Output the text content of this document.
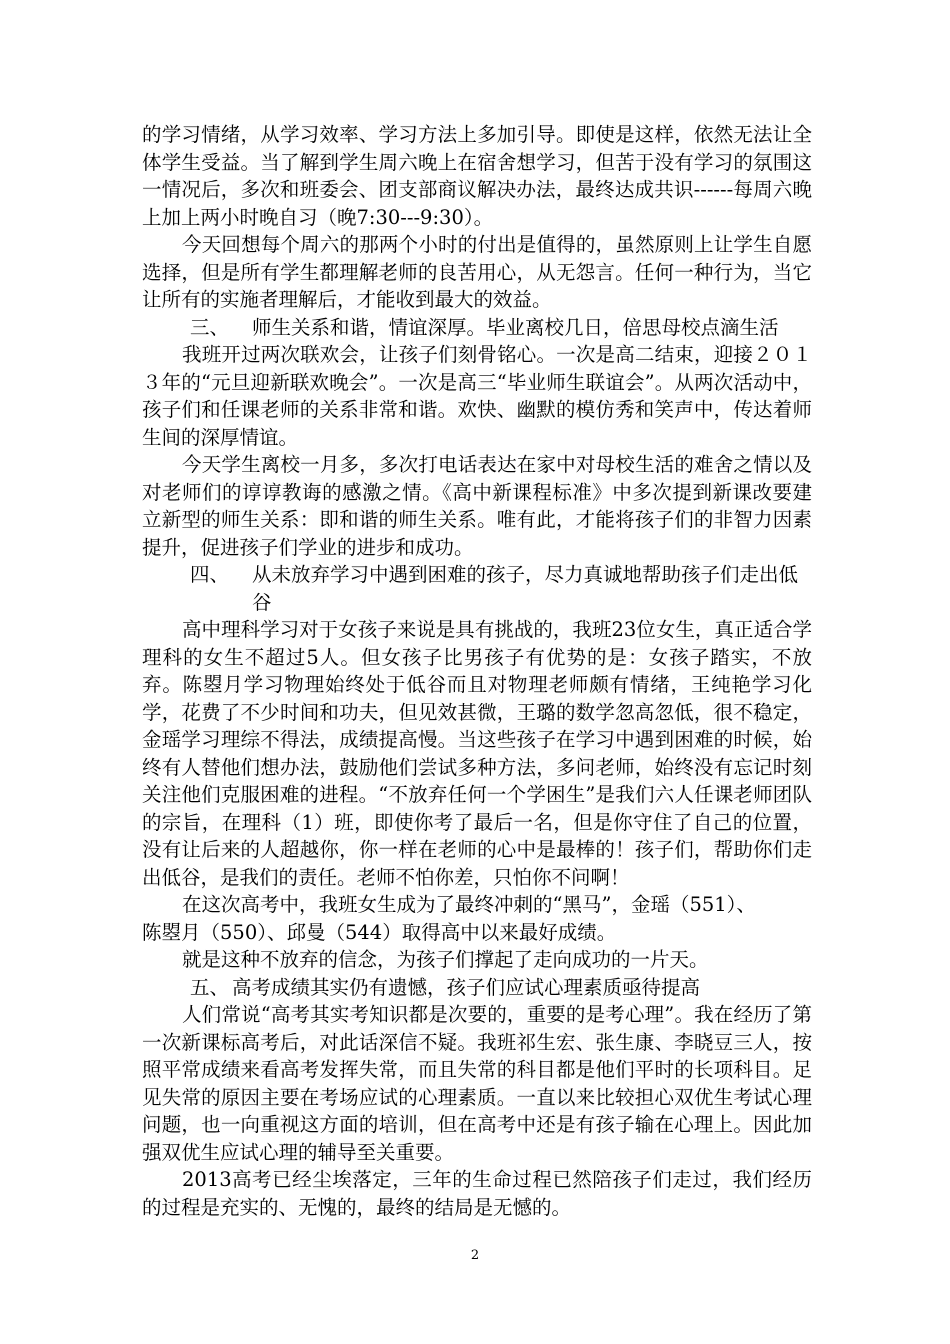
的学习情绪，从学习效率、学习方法上多加引导。即使是这样，依然无法让全体学生受益。当了解到学生周六晚上在宿舍想学习，但苦于没有学习的氛围这一情况后，多次和班委会、团支部商议解决办法，最终达成共识------每周六晚上加上两小时晚自习（晚7:30---9:30）。

今天回想每个周六的那两个小时的付出是值得的，虽然原则上让学生自愿选择，但是所有学生都理解老师的良苦用心，从无怨言。任何一种行为，当它让所有的实施者理解后，才能收到最大的效益。

三、 师生关系和谐，情谊深厚。毕业离校几日，倍思母校点滴生活

我班开过两次联欢会，让孩子们刻骨铭心。一次是高二结束，迎接２０１３年的“元旦迎新联欢晚会”。一次是高三“毕业师生联谊会”。从两次活动中，孩子们和任课老师的关系非常和谐。欢快、幽默的模仿秀和笑声中，传达着师生间的深厚情谊。

今天学生离校一月多，多次打电话表达在家中对母校生活的难舍之情以及对老师们的谆谆教诲的感激之情。《高中新课程标准》中多次提到新课改要建立新型的师生关系：即和谐的师生关系。唯有此，才能将孩子们的非智力因素提升，促进孩子们学业的进步和成功。

四、 从未放弃学习中遇到困难的孩子，尽力真诚地帮助孩子们走出低谷

高中理科学习对于女孩子来说是具有挑战的，我班23位女生，真正适合学理科的女生不超过5人。但女孩子比男孩子有优势的是：女孩子踏实，不放弃。陈曌月学习物理始终处于低谷而且对物理老师颇有情绪，王纯艳学习化学，花费了不少时间和功夫，但见效甚微，王璐的数学忽高忽低，很不稳定，金瑶学习理综不得法，成绩提高慢。当这些孩子在学习中遇到困难的时候，始终有人替他们想办法，鼓励他们尝试多种方法，多问老师，始终没有忘记时刻关注他们克服困难的进程。“不放弃任何一个学困生”是我们六人任课老师团队的宗旨，在理科（1）班，即使你考了最后一名，但是你守住了自己的位置，没有让后来的人超越你，你一样在老师的心中是最棒的！孩子们，帮助你们走出低谷，是我们的责任。老师不怕你差，只怕你不问啊！

在这次高考中，我班女生成为了最终冲刺的“黑马”，金瑶（551）、

陈曌月（550）、邱曼（544）取得高中以来最好成绩。

就是这种不放弃的信念，为孩子们撑起了走向成功的一片天。

五、 高考成绩其实仍有遗憾，孩子们应试心理素质亟待提高

人们常说“高考其实考知识都是次要的，重要的是考心理”。我在经历了第一次新课标高考后，对此话深信不疑。我班祁生宏、张生康、李晓豆三人，按照平常成绩来看高考发挥失常，而且失常的科目都是他们平时的长项科目。足见失常的原因主要在考场应试的心理素质。一直以来比较担心双优生考试心理问题，也一向重视这方面的培训，但在高考中还是有孩子输在心理上。因此加强双优生应试心理的辅导至关重要。

2013高考已经尘埃落定，三年的生命过程已然陪孩子们走过，我们经历的过程是充实的、无愧的，最终的结局是无憾的。

2
